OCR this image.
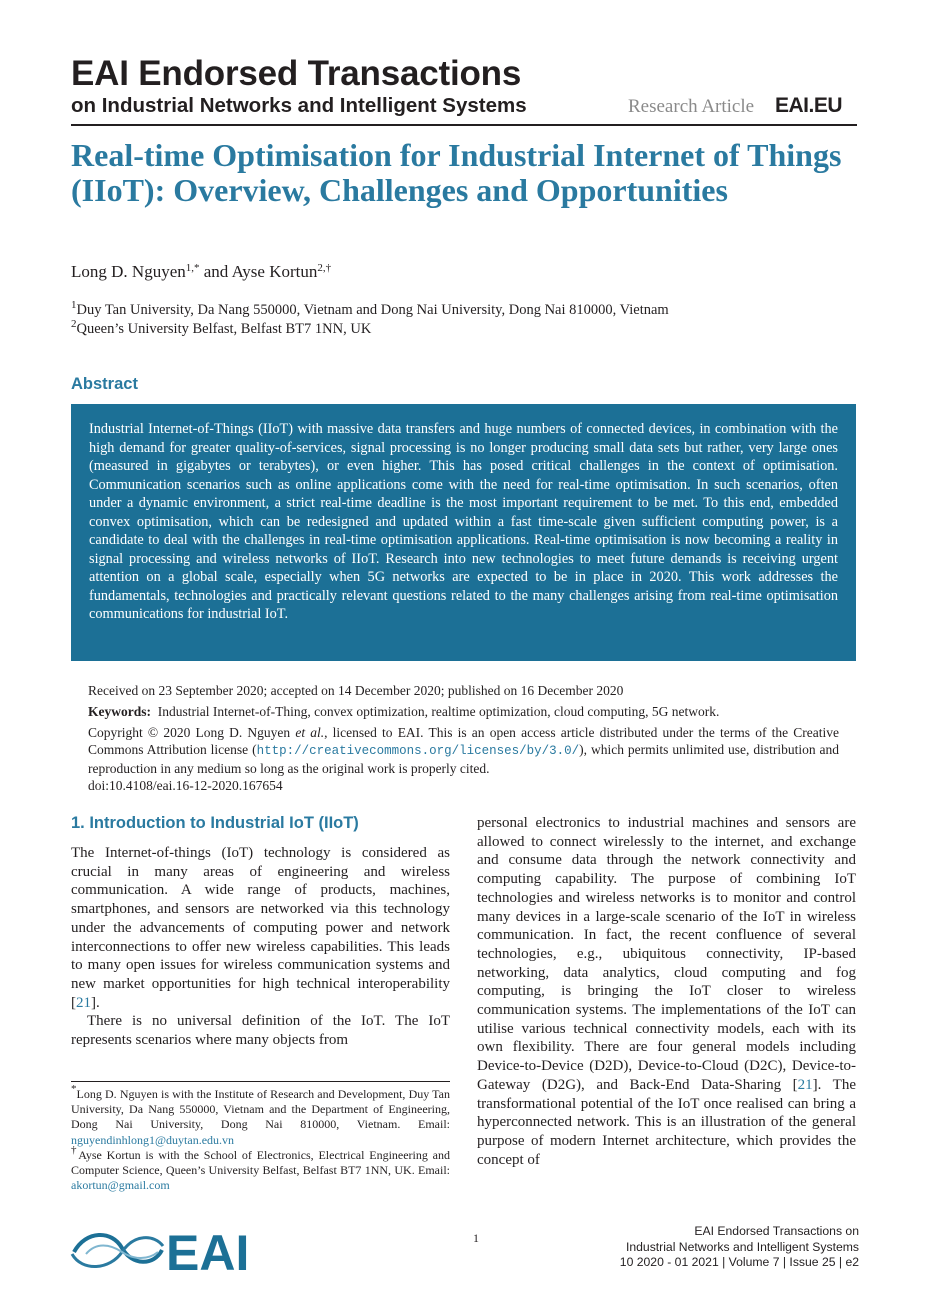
EAI Endorsed Transactions
on Industrial Networks and Intelligent Systems	Research Article EAI.EU
Real-time Optimisation for Industrial Internet of Things (IIoT): Overview, Challenges and Opportunities
Long D. Nguyen$^{1,*}$ and Ayse Kortun$^{2,\dagger}$
$^1$Duy Tan University, Da Nang 550000, Vietnam and Dong Nai University, Dong Nai 810000, Vietnam
$^2$Queen’s University Belfast, Belfast BT7 1NN, UK
Abstract
Industrial Internet-of-Things (IIoT) with massive data transfers and huge numbers of connected devices, in combination with the high demand for greater quality-of-services, signal processing is no longer producing small data sets but rather, very large ones (measured in gigabytes or terabytes), or even higher. This has posed critical challenges in the context of optimisation. Communication scenarios such as online applications come with the need for real-time optimisation. In such scenarios, often under a dynamic environment, a strict real-time deadline is the most important requirement to be met. To this end, embedded convex optimisation, which can be redesigned and updated within a fast time-scale given sufficient computing power, is a candidate to deal with the challenges in real-time optimisation applications. Real-time optimisation is now becoming a reality in signal processing and wireless networks of IIoT. Research into new technologies to meet future demands is receiving urgent attention on a global scale, especially when 5G networks are expected to be in place in 2020. This work addresses the fundamentals, technologies and practically relevant questions related to the many challenges arising from real-time optimisation communications for industrial IoT.
Received on 23 September 2020; accepted on 14 December 2020; published on 16 December 2020
Keywords: Industrial Internet-of-Thing, convex optimization, realtime optimization, cloud computing, 5G network.
Copyright © 2020 Long D. Nguyen et al., licensed to EAI. This is an open access article distributed under the terms of the Creative Commons Attribution license (http://creativecommons.org/licenses/by/3.0/), which permits unlimited use, distribution and reproduction in any medium so long as the original work is properly cited.
doi:10.4108/eai.16-12-2020.167654
1. Introduction to Industrial IoT (IIoT)

The Internet-of-things (IoT) technology is considered as crucial in many areas of engineering and wireless communication. A wide range of products, machines, smartphones, and sensors are networked via this technology under the advancements of computing power and network interconnections to offer new wireless capabilities. This leads to many open issues for wireless communication systems and new market opportunities for high technical interoperability [21].

There is no universal definition of the IoT. The IoT represents scenarios where many objects from

personal electronics to industrial machines and sensors are allowed to connect wirelessly to the internet, and exchange and consume data through the network connectivity and computing capability. The purpose of combining IoT technologies and wireless networks is to monitor and control many devices in a large-scale scenario of the IoT in wireless communication. In fact, the recent confluence of several technologies, e.g., ubiquitous connectivity, IP-based networking, data analytics, cloud computing and fog computing, is bringing the IoT closer to wireless communication systems. The implementations of the IoT can utilise various technical connectivity models, each with its own flexibility. There are four general models including Device-to-Device (D2D), Device-to-Cloud (D2C), Device-to-Gateway (D2G), and Back-End Data-Sharing [21]. The transformational potential of the IoT once realised can bring a hyperconnected network. This is an illustration of the general purpose of modern Internet architecture, which provides the concept of

*Long D. Nguyen is with the Institute of Research and Development, Duy Tan University, Da Nang 550000, Vietnam and the Department of Engineering, Dong Nai University, Dong Nai 810000, Vietnam. Email: nguyendinhlong1@duytan.edu.vn

†Ayse Kortun is with the School of Electronics, Electrical Engineering and Computer Science, Queen’s University Belfast, Belfast BT7 1NN, UK. Email: akortun@gmail.com

EAI	1	EAI Endorsed Transactions on
Industrial Networks and Intelligent Systems
10 2020 - 01 2021 | Volume 7 | Issue 25 | e2
